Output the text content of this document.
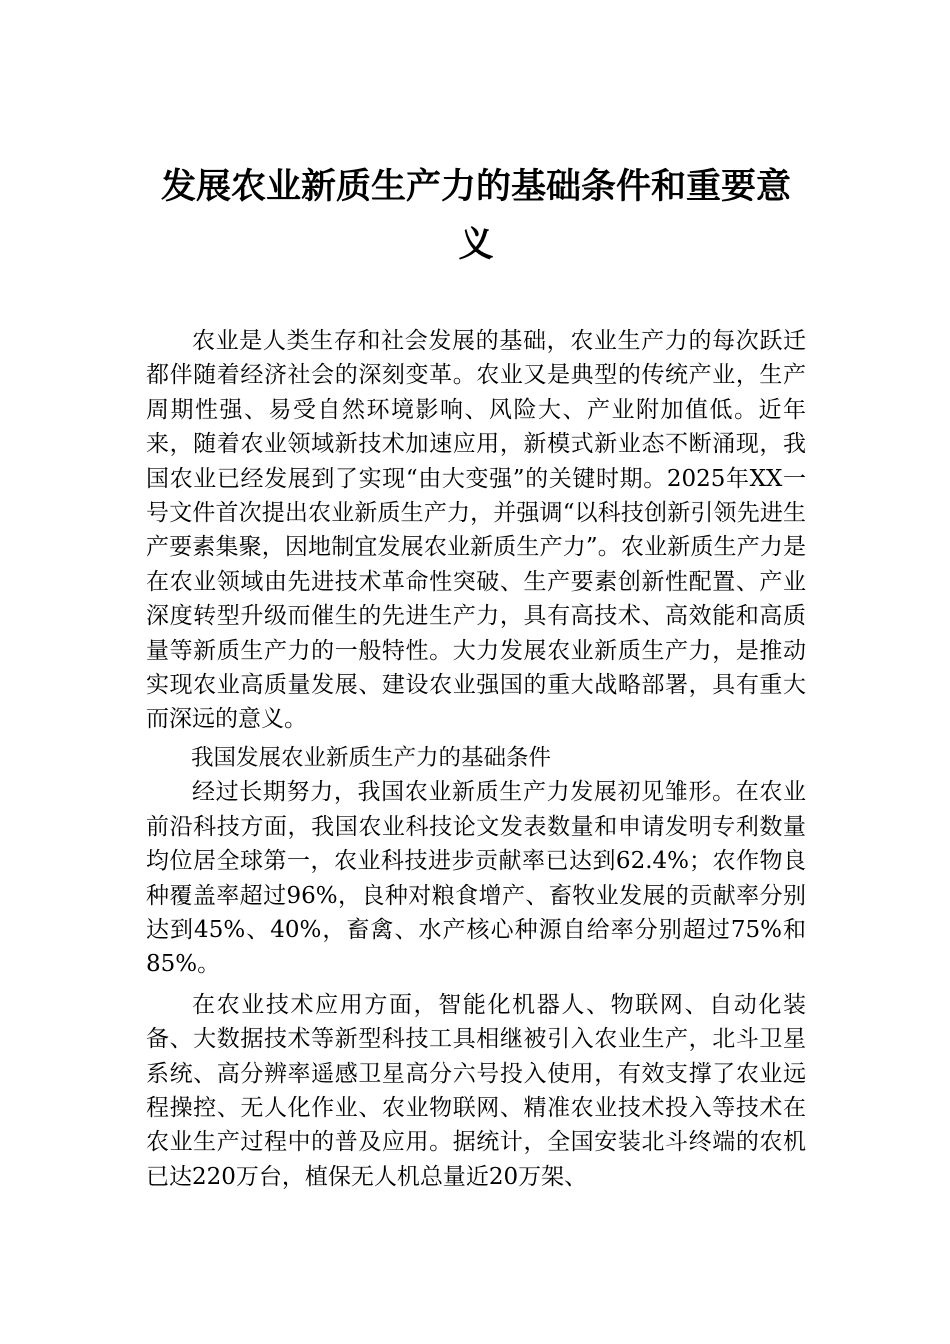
发展农业新质生产力的基础条件和重要意义

农业是人类生存和社会发展的基础，农业生产力的每次跃迁都伴随着经济社会的深刻变革。农业又是典型的传统产业，生产周期性强、易受自然环境影响、风险大、产业附加值低。近年来，随着农业领域新技术加速应用，新模式新业态不断涌现，我国农业已经发展到了实现“由大变强”的关键时期。2025年XX一号文件首次提出农业新质生产力，并强调“以科技创新引领先进生产要素集聚，因地制宜发展农业新质生产力”。农业新质生产力是在农业领域由先进技术革命性突破、生产要素创新性配置、产业深度转型升级而催生的先进生产力，具有高技术、高效能和高质量等新质生产力的一般特性。大力发展农业新质生产力，是推动实现农业高质量发展、建设农业强国的重大战略部署，具有重大而深远的意义。

我国发展农业新质生产力的基础条件

经过长期努力，我国农业新质生产力发展初见雏形。在农业前沿科技方面，我国农业科技论文发表数量和申请发明专利数量均位居全球第一，农业科技进步贡献率已达到62.4%；农作物良种覆盖率超过96%，良种对粮食增产、畜牧业发展的贡献率分别达到45%、40%，畜禽、水产核心种源自给率分别超过75%和85%。

在农业技术应用方面，智能化机器人、物联网、自动化装备、大数据技术等新型科技工具相继被引入农业生产，北斗卫星系统、高分辨率遥感卫星高分六号投入使用，有效支撑了农业远程操控、无人化作业、农业物联网、精准农业技术投入等技术在农业生产过程中的普及应用。据统计，全国安装北斗终端的农机已达220万台，植保无人机总量近20万架、
